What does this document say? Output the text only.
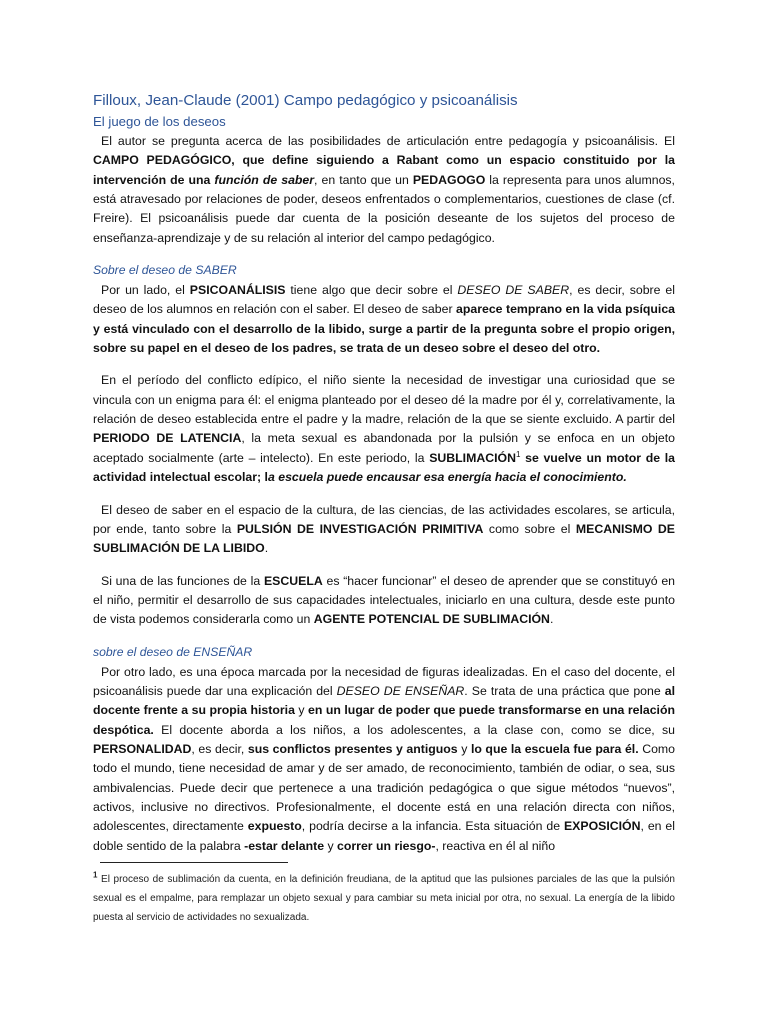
Filloux, Jean-Claude (2001) Campo pedagógico y psicoanálisis
El juego de los deseos

El autor se pregunta acerca de las posibilidades de articulación entre pedagogía y psicoanálisis. El CAMPO PEDAGÓGICO, que define siguiendo a Rabant como un espacio constituido por la intervención de una función de saber, en tanto que un PEDAGOGO la representa para unos alumnos, está atravesado por relaciones de poder, deseos enfrentados o complementarios, cuestiones de clase (cf. Freire). El psicoanálisis puede dar cuenta de la posición deseante de los sujetos del proceso de enseñanza-aprendizaje y de su relación al interior del campo pedagógico.

Sobre el deseo de SABER

Por un lado, el PSICOANÁLISIS tiene algo que decir sobre el DESEO DE SABER, es decir, sobre el deseo de los alumnos en relación con el saber. El deseo de saber aparece temprano en la vida psíquica y está vinculado con el desarrollo de la libido, surge a partir de la pregunta sobre el propio origen, sobre su papel en el deseo de los padres, se trata de un deseo sobre el deseo del otro.

En el período del conflicto edípico, el niño siente la necesidad de investigar una curiosidad que se vincula con un enigma para él: el enigma planteado por el deseo dé la madre por él y, correlativamente, la relación de deseo establecida entre el padre y la madre, relación de la que se siente excluido. A partir del PERIODO DE LATENCIA, la meta sexual es abandonada por la pulsión y se enfoca en un objeto aceptado socialmente (arte – intelecto). En este periodo, la SUBLIMACIÓN$^1$ se vuelve un motor de la actividad intelectual escolar; la escuela puede encausar esa energía hacia el conocimiento.

El deseo de saber en el espacio de la cultura, de las ciencias, de las actividades escolares, se articula, por ende, tanto sobre la PULSIÓN DE INVESTIGACIÓN PRIMITIVA como sobre el MECANISMO DE SUBLIMACIÓN DE LA LIBIDO.

Si una de las funciones de la ESCUELA es “hacer funcionar” el deseo de aprender que se constituyó en el niño, permitir el desarrollo de sus capacidades intelectuales, iniciarlo en una cultura, desde este punto de vista podemos considerarla como un AGENTE POTENCIAL DE SUBLIMACIÓN.

sobre el deseo de ENSEÑAR

Por otro lado, es una época marcada por la necesidad de figuras idealizadas. En el caso del docente, el psicoanálisis puede dar una explicación del DESEO DE ENSEÑAR. Se trata de una práctica que pone al docente frente a su propia historia y en un lugar de poder que puede transformarse en una relación despótica. El docente aborda a los niños, a los adolescentes, a la clase con, como se dice, su PERSONALIDAD, es decir, sus conflictos presentes y antiguos y lo que la escuela fue para él. Como todo el mundo, tiene necesidad de amar y de ser amado, de reconocimiento, también de odiar, o sea, sus ambivalencias. Puede decir que pertenece a una tradición pedagógica o que sigue métodos “nuevos”, activos, inclusive no directivos. Profesionalmente, el docente está en una relación directa con niños, adolescentes, directamente expuesto, podría decirse a la infancia. Esta situación de EXPOSICIÓN, en el doble sentido de la palabra -estar delante y correr un riesgo-, reactiva en él al niño

$^1$ El proceso de sublimación da cuenta, en la definición freudiana, de la aptitud que las pulsiones parciales de las que la pulsión sexual es el empalme, para remplazar un objeto sexual y para cambiar su meta inicial por otra, no sexual. La energía de la libido puesta al servicio de actividades no sexualizada.
